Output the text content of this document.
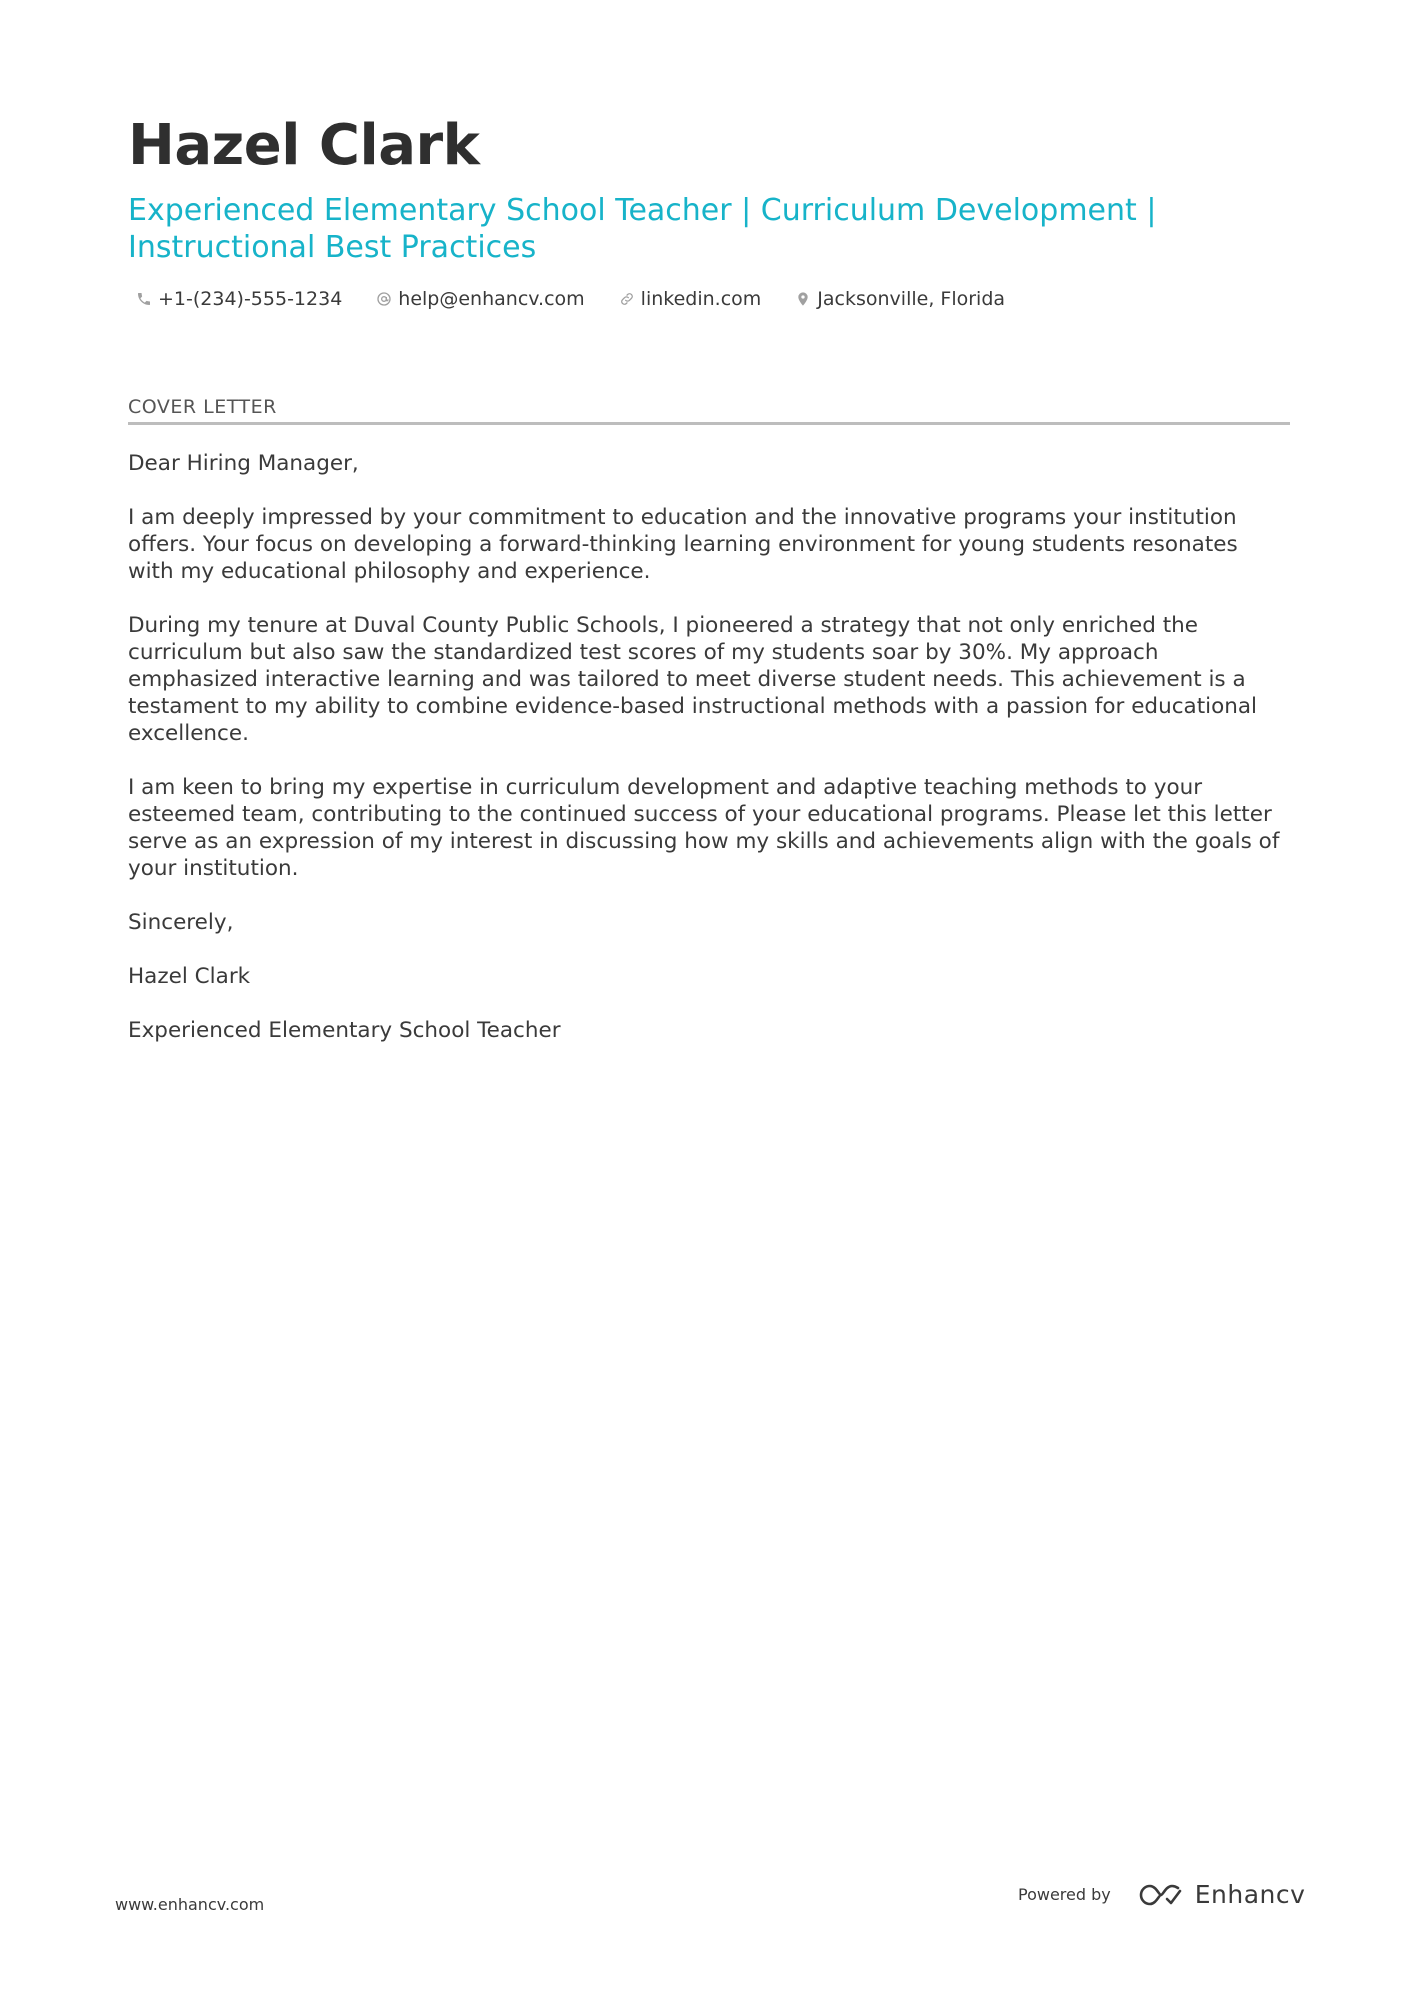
Hazel Clark
Experienced Elementary School Teacher | Curriculum Development | Instructional Best Practices
+1-(234)-555-1234	help@enhancv.com	linkedin.com	Jacksonville, Florida
COVER LETTER

Dear Hiring Manager,

I am deeply impressed by your commitment to education and the innovative programs your institution offers. Your focus on developing a forward-thinking learning environment for young students resonates with my educational philosophy and experience.

During my tenure at Duval County Public Schools, I pioneered a strategy that not only enriched the curriculum but also saw the standardized test scores of my students soar by 30%. My approach emphasized interactive learning and was tailored to meet diverse student needs. This achievement is a testament to my ability to combine evidence-based instructional methods with a passion for educational excellence.

I am keen to bring my expertise in curriculum development and adaptive teaching methods to your esteemed team, contributing to the continued success of your educational programs. Please let this letter serve as an expression of my interest in discussing how my skills and achievements align with the goals of your institution.

Sincerely,

Hazel Clark

Experienced Elementary School Teacher

www.enhancv.com
Powered by	Enhancv
